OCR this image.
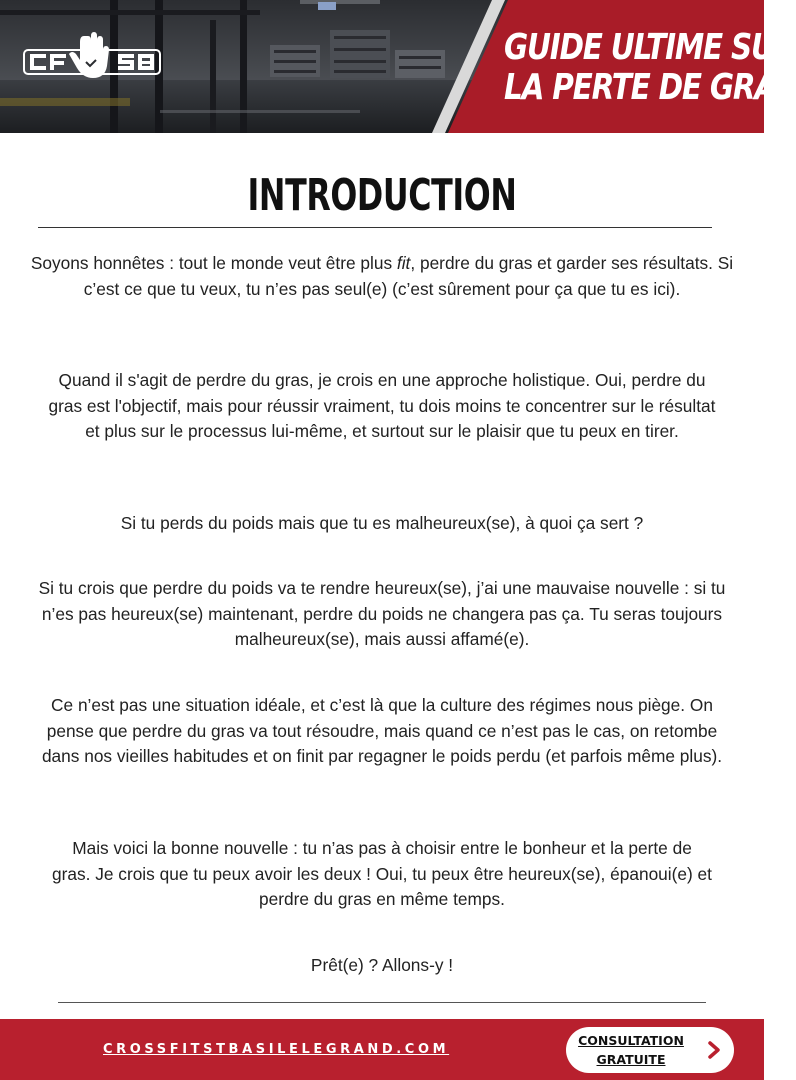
GUIDE ULTIME SUR
LA PERTE DE GRAS
INTRODUCTION

Soyons honnêtes : tout le monde veut être plus fit, perdre du gras et garder ses résultats. Si c’est ce que tu veux, tu n’es pas seul(e) (c’est sûrement pour ça que tu es ici).

Quand il s'agit de perdre du gras, je crois en une approche holistique. Oui, perdre du gras est l'objectif, mais pour réussir vraiment, tu dois moins te concentrer sur le résultat et plus sur le processus lui-même, et surtout sur le plaisir que tu peux en tirer.

Si tu perds du poids mais que tu es malheureux(se), à quoi ça sert ?

Si tu crois que perdre du poids va te rendre heureux(se), j’ai une mauvaise nouvelle : si tu n’es pas heureux(se) maintenant, perdre du poids ne changera pas ça. Tu seras toujours malheureux(se), mais aussi affamé(e).

Ce n’est pas une situation idéale, et c’est là que la culture des régimes nous piège. On pense que perdre du gras va tout résoudre, mais quand ce n’est pas le cas, on retombe dans nos vieilles habitudes et on finit par regagner le poids perdu (et parfois même plus).

Mais voici la bonne nouvelle : tu n’as pas à choisir entre le bonheur et la perte de gras. Je crois que tu peux avoir les deux ! Oui, tu peux être heureux(se), épanoui(e) et perdre du gras en même temps.

Prêt(e) ? Allons-y !

CROSSFITSTBASILELEGRAND.COM
CONSULTATION
GRATUITE
